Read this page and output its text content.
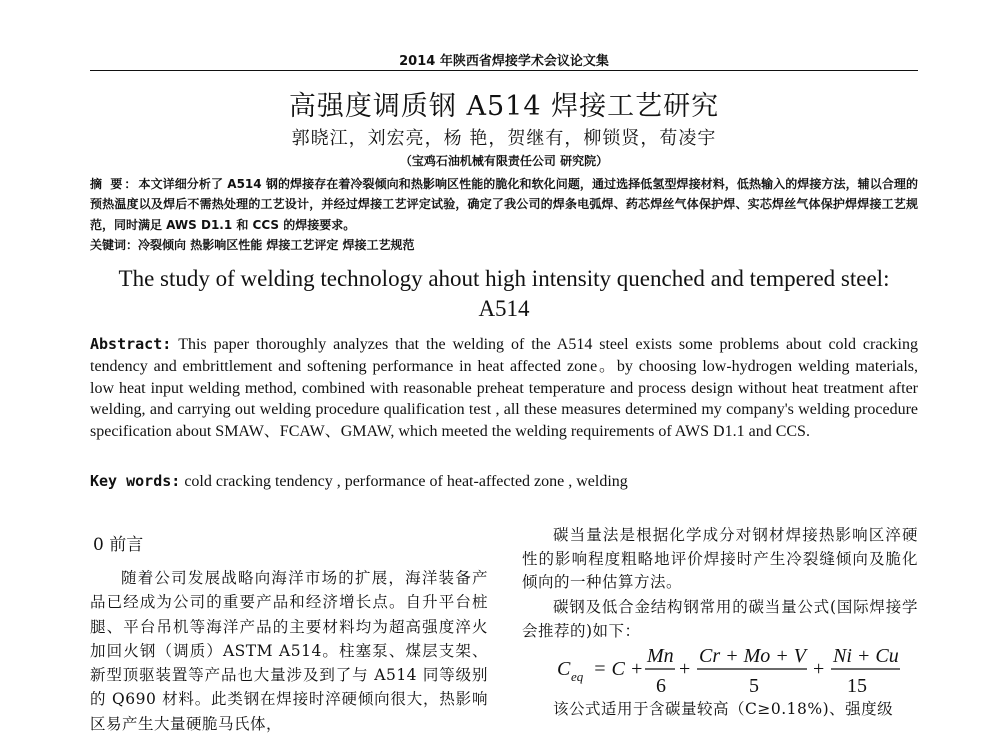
2014 年陕西省焊接学术会议论文集
高强度调质钢 A514 焊接工艺研究
郭晓江，刘宏亮，杨 艳，贺继有，柳锁贤，荀凌宇
（宝鸡石油机械有限责任公司 研究院）
摘 要：本文详细分析了 A514 钢的焊接存在着冷裂倾向和热影响区性能的脆化和软化问题，通过选择低氢型焊接材料，低热输入的焊接方法，辅以合理的预热温度以及焊后不需热处理的工艺设计，并经过焊接工艺评定试验，确定了我公司的焊条电弧焊、药芯焊丝气体保护焊、实芯焊丝气体保护焊焊接工艺规范，同时满足 AWS D1.1 和 CCS 的焊接要求。
关键词：冷裂倾向 热影响区性能 焊接工艺评定 焊接工艺规范
The study of welding technology ahout high intensity quenched and tempered steel:
A514
Abstract: This paper thoroughly analyzes that the welding of the A514 steel exists some problems about cold cracking tendency and embrittlement and softening performance in heat affected zone。by choosing low-hydrogen welding materials, low heat input welding method, combined with reasonable preheat temperature and process design without heat treatment after welding, and carrying out welding procedure qualification test , all these measures determined my company's welding procedure specification about SMAW、FCAW、GMAW, which meeted the welding requirements of AWS D1.1 and CCS.
Key words: cold cracking tendency , performance of heat-affected zone , welding
0 前言
随着公司发展战略向海洋市场的扩展，海洋装备产品已经成为公司的重要产品和经济增长点。自升平台桩腿、平台吊机等海洋产品的主要材料均为超高强度淬火加回火钢（调质）ASTM A514。柱塞泵、煤层支架、新型顶驱装置等产品也大量涉及到了与 A514 同等级别的 Q690 材料。此类钢在焊接时淬硬倾向很大，热影响区易产生大量硬脆马氏体，
碳当量法是根据化学成分对钢材焊接热影响区淬硬性的影响程度粗略地评价焊接时产生冷裂缝倾向及脆化倾向的一种估算方法。
碳钢及低合金结构钢常用的碳当量公式(国际焊接学会推荐的)如下：
C eq = C +
Mn
6
+
Cr + Mo + V
5
+
Ni + Cu
15
该公式适用于含碳量较高（C≥0.18%)、强度级
